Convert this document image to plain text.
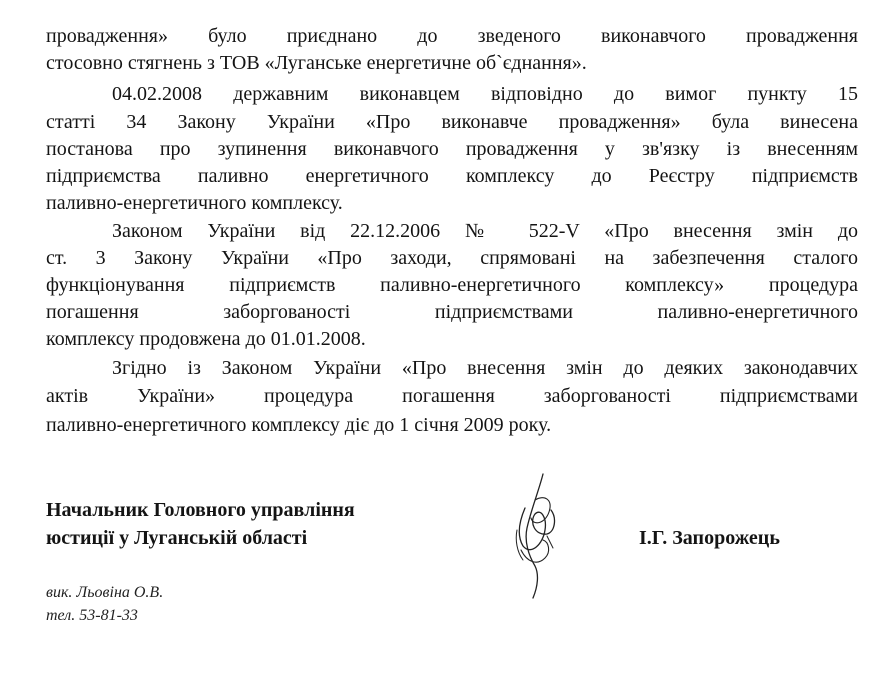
провадження» було приєднано до зведеного виконавчого провадження
стосовно стягнень з ТОВ «Луганське енергетичне об`єднання».
04.02.2008 державним виконавцем відповідно до вимог пункту 15
статті 34 Закону України «Про виконавче провадження» була винесена
постанова про зупинення виконавчого провадження у зв'язку із внесенням
підприємства паливно енергетичного комплексу до Реєстру підприємств
паливно-енергетичного комплексу.
Законом України від 22.12.2006 № 522-V «Про внесення змін до
ст. 3 Закону України «Про заходи, спрямовані на забезпечення сталого
функціонування підприємств паливно-енергетичного комплексу» процедура
погашення заборгованості підприємствами паливно-енергетичного
комплексу продовжена до 01.01.2008.
Згідно із Законом України «Про внесення змін до деяких законодавчих
актів України» процедура погашення заборгованості підприємствами
паливно-енергетичного комплексу діє до 1 січня 2009 року.
Начальник Головного управління
юстиції у Луганській області	І.Г. Запорожець
вик. Льовіна О.В.
тел. 53-81-33
